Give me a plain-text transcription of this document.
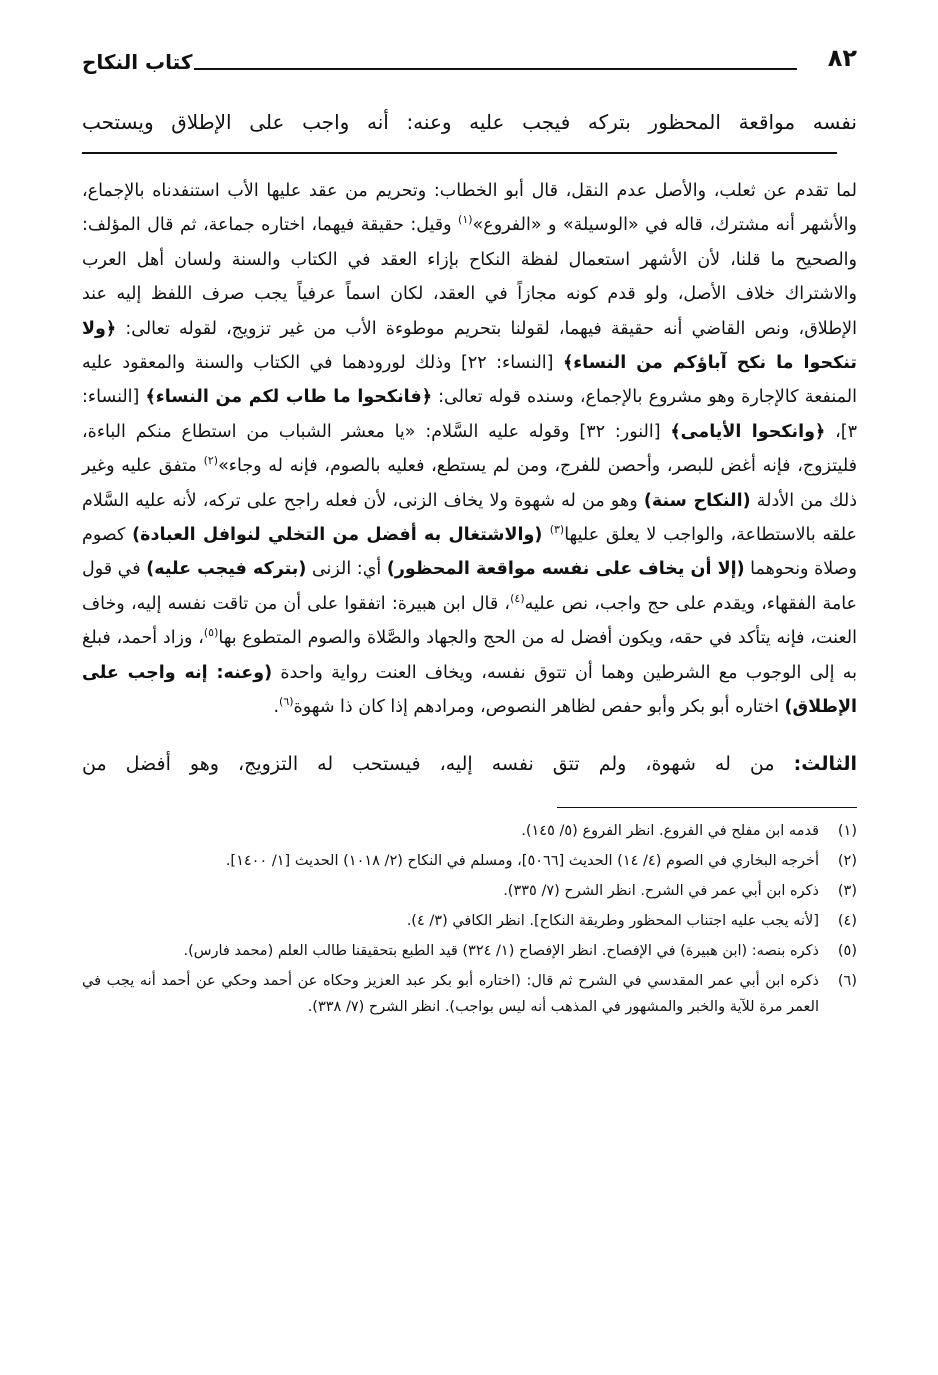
٨٢
كتاب النكاح
نفسه مواقعة المحظور بتركه فيجب عليه وعنه: أنه واجب على الإطلاق ويستحب

لما تقدم عن ثعلب، والأصل عدم النقل، قال أبو الخطاب: وتحريم من عقد عليها الأب استنفدناه بالإجماع، والأشهر أنه مشترك، قاله في «الوسيلة» و «الفروع»$^{(١)}$ وقيل: حقيقة فيهما، اختاره جماعة، ثم قال المؤلف: والصحيح ما قلنا، لأن الأشهر استعمال لفظة النكاح بإزاء العقد في الكتاب والسنة ولسان أهل العرب والاشتراك خلاف الأصل، ولو قدم كونه مجازاً في العقد، لكان اسماً عرفياً يجب صرف اللفظ إليه عند الإطلاق، ونص القاضي أنه حقيقة فيهما، لقولنا بتحريم موطوءة الأب من غير تزويج، لقوله تعالى: ﴿ولا تنكحوا ما نكح آباؤكم من النساء﴾ [النساء: ٢٢] وذلك لورودهما في الكتاب والسنة والمعقود عليه المنفعة كالإجارة وهو مشروع بالإجماع، وسنده قوله تعالى: ﴿فانكحوا ما طاب لكم من النساء﴾ [النساء: ٣]، ﴿وانكحوا الأيامى﴾ [النور: ٣٢] وقوله عليه السَّلام: «يا معشر الشباب من استطاع منكم الباءة، فليتزوج، فإنه أغض للبصر، وأحصن للفرج، ومن لم يستطع، فعليه بالصوم، فإنه له وجاء»$^{(٢)}$ متفق عليه وغير ذلك من الأدلة (النكاح سنة) وهو من له شهوة ولا يخاف الزنى، لأن فعله راجح على تركه، لأنه عليه السَّلام علقه بالاستطاعة، والواجب لا يعلق عليها$^{(٣)}$ (والاشتغال به أفضل من التخلي لنوافل العبادة) كصوم وصلاة ونحوهما (إلا أن يخاف على نفسه مواقعة المحظور) أي: الزنى (بتركه فيجب عليه) في قول عامة الفقهاء، ويقدم على حج واجب، نص عليه$^{(٤)}$، قال ابن هبيرة: اتفقوا على أن من تاقت نفسه إليه، وخاف العنت، فإنه يتأكد في حقه، ويكون أفضل له من الحج والجهاد والصَّلاة والصوم المتطوع بها$^{(٥)}$، وزاد أحمد، فبلغ به إلى الوجوب مع الشرطين وهما أن تتوق نفسه، ويخاف العنت رواية واحدة (وعنه: إنه واجب على الإطلاق) اختاره أبو بكر وأبو حفص لظاهر النصوص، ومرادهم إذا كان ذا شهوة$^{(٦)}$.

الثالث: من له شهوة، ولم تتق نفسه إليه، فيستحب له التزويج، وهو أفضل من
(١)
قدمه ابن مفلح في الفروع. انظر الفروع (٥/ ١٤٥).
(٢)
أخرجه البخاري في الصوم (٤/ ١٤) الحديث [٥٠٦٦]، ومسلم في النكاح (٢/ ١٠١٨) الحديث [١/ ١٤٠٠].
(٣)
ذكره ابن أبي عمر في الشرح. انظر الشرح (٧/ ٣٣٥).
(٤)
[لأنه يجب عليه اجتناب المحظور وطريقة النكاح]. انظر الكافي (٣/ ٤).
(٥)
ذكره بنصه: (ابن هبيرة) في الإفصاح. انظر الإفصاح (١/ ٣٢٤) قيد الطبع بتحقيقنا طالب العلم (محمد فارس).
(٦)
ذكره ابن أبي عمر المقدسي في الشرح ثم قال: (اختاره أبو بكر عبد العزيز وحكاه عن أحمد وحكي عن أحمد أنه يجب في العمر مرة للآية والخبر والمشهور في المذهب أنه ليس بواجب). انظر الشرح (٧/ ٣٣٨).
